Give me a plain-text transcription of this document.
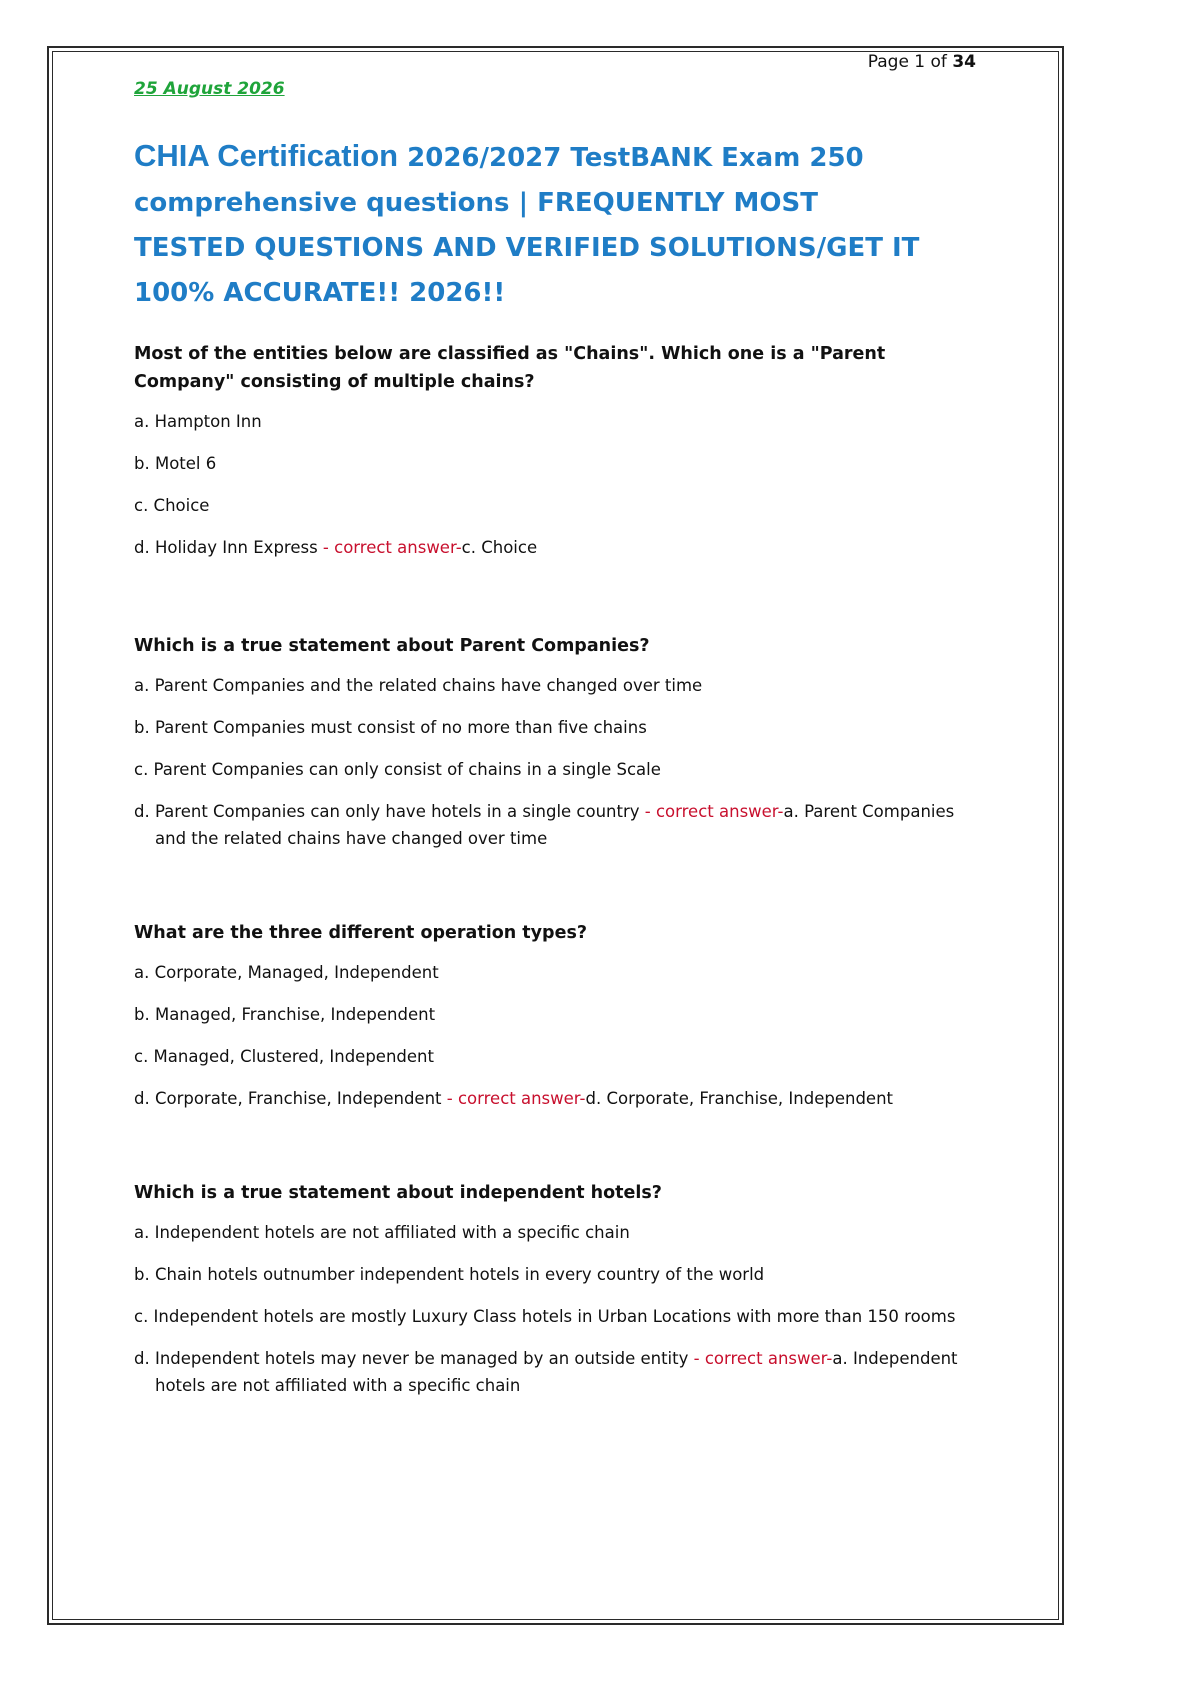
Page 1 of 34
25 August 2026
CHIA Certification 2026/2027 TestBANK Exam 250 comprehensive questions | FREQUENTLY MOST TESTED QUESTIONS AND VERIFIED SOLUTIONS/GET IT 100% ACCURATE!! 2026!!

Most of the entities below are classified as "Chains". Which one is a "Parent Company" consisting of multiple chains?

a. Hampton Inn

b. Motel 6

c. Choice

d. Holiday Inn Express - correct answer-c. Choice

Which is a true statement about Parent Companies?

a. Parent Companies and the related chains have changed over time

b. Parent Companies must consist of no more than five chains

c. Parent Companies can only consist of chains in a single Scale

d. Parent Companies can only have hotels in a single country - correct answer-a. Parent Companies and the related chains have changed over time

What are the three different operation types?

a. Corporate, Managed, Independent

b. Managed, Franchise, Independent

c. Managed, Clustered, Independent

d. Corporate, Franchise, Independent - correct answer-d. Corporate, Franchise, Independent

Which is a true statement about independent hotels?

a. Independent hotels are not affiliated with a specific chain

b. Chain hotels outnumber independent hotels in every country of the world

c. Independent hotels are mostly Luxury Class hotels in Urban Locations with more than 150 rooms

d. Independent hotels may never be managed by an outside entity - correct answer-a. Independent hotels are not affiliated with a specific chain
